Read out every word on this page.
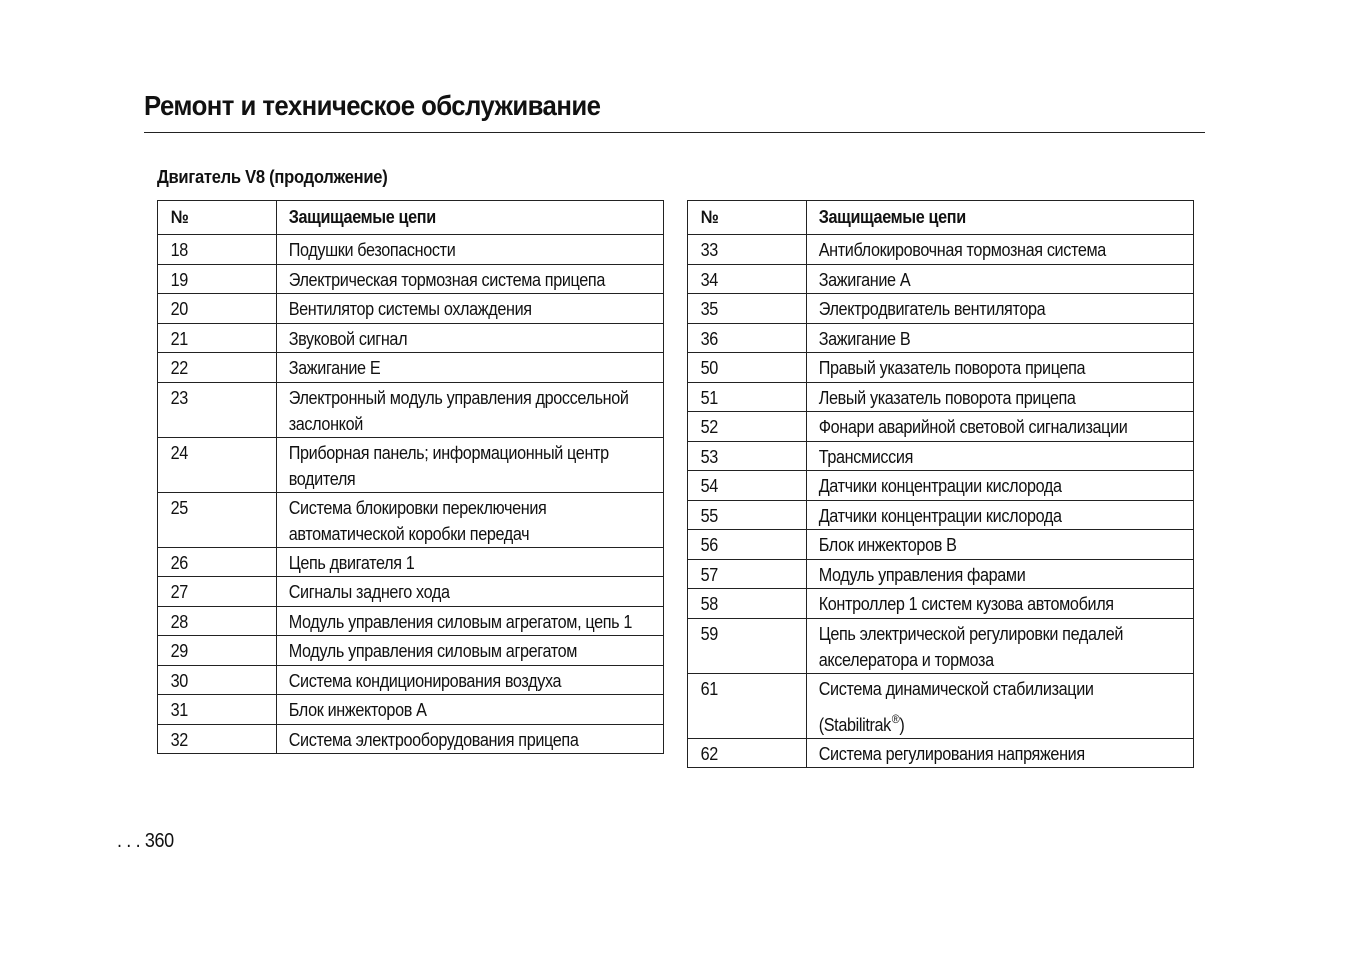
Ремонт и техническое обслуживание
Двигатель V8 (продолжение)
№	Защищаемые цепи

18	Подушки безопасности

19	Электрическая тормозная система прицепа

20	Вентилятор системы охлаждения

21	Звуковой сигнал

22	Зажигание E

23	Электронный модуль управления дроссельной заслонкой

24	Приборная панель; информационный центр водителя

25	Система блокировки переключения автоматической коробки передач

26	Цепь двигателя 1

27	Сигналы заднего хода

28	Модуль управления силовым агрегатом, цепь 1

29	Модуль управления силовым агрегатом

30	Система кондиционирования воздуха

31	Блок инжекторов A

32	Система электрооборудования прицепа
№	Защищаемые цепи

33	Антиблокировочная тормозная система

34	Зажигание A

35	Электродвигатель вентилятора

36	Зажигание B

50	Правый указатель поворота прицепа

51	Левый указатель поворота прицепа

52	Фонари аварийной световой сигнализации

53	Трансмиссия

54	Датчики концентрации кислорода

55	Датчики концентрации кислорода

56	Блок инжекторов B

57	Модуль управления фарами

58	Контроллер 1 систем кузова автомобиля

59	Цепь электрической регулировки педалей акселератора и тормоза

61	Система динамической стабилизации
(Stabilitrak®)

62	Система регулирования напряжения
. . . 360
